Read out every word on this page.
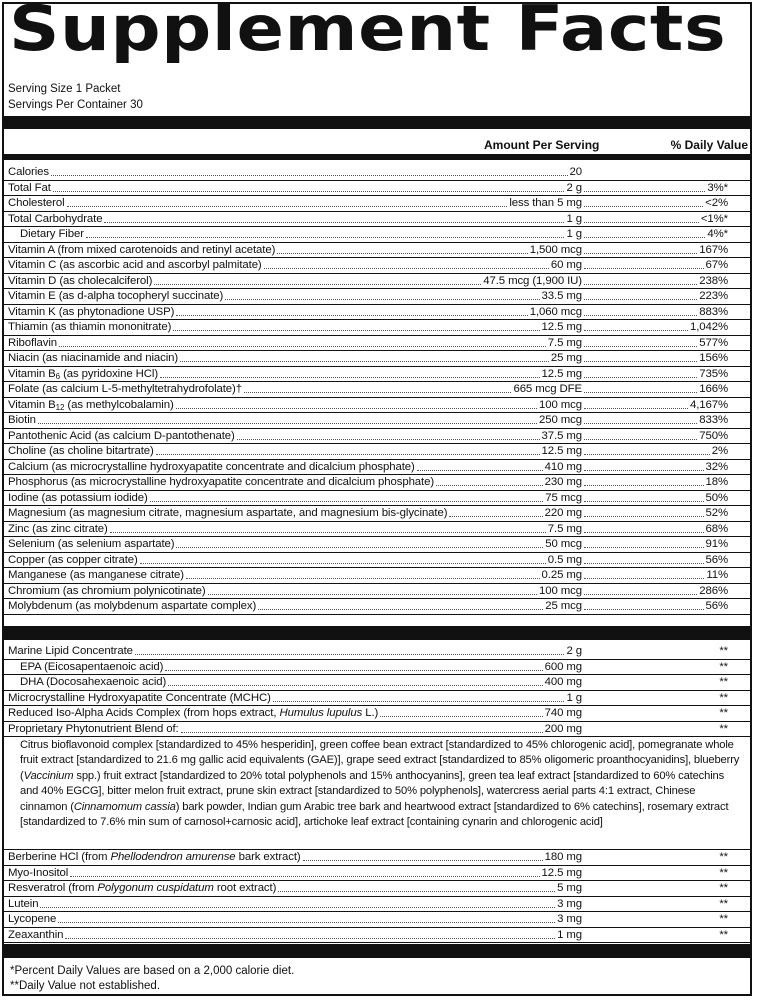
Supplement Facts
Serving Size 1 Packet
Servings Per Container 30
Amount Per Serving	% Daily Value
Calories	20
Total Fat	2 g	3%*
Cholesterol	less than 5 mg	<2%
Total Carbohydrate	1 g	<1%*
Dietary Fiber	1 g	4%*
Vitamin A (from mixed carotenoids and retinyl acetate)	1,500 mcg	167%
Vitamin C (as ascorbic acid and ascorbyl palmitate)	60 mg	67%
Vitamin D (as cholecalciferol)	47.5 mcg (1,900 IU)	238%
Vitamin E (as d-alpha tocopheryl succinate)	33.5 mg	223%
Vitamin K (as phytonadione USP)	1,060 mcg	883%
Thiamin (as thiamin mononitrate)	12.5 mg	1,042%
Riboflavin	7.5 mg	577%
Niacin (as niacinamide and niacin)	25 mg	156%
Vitamin $B_6$ (as pyridoxine HCl)	12.5 mg	735%
Folate (as calcium L-5-methyltetrahydrofolate)†	665 mcg DFE	166%
Vitamin $B_{12}$ (as methylcobalamin)	100 mcg	4,167%
Biotin	250 mcg	833%
Pantothenic Acid (as calcium D-pantothenate)	37.5 mg	750%
Choline (as choline bitartrate)	12.5 mg	2%
Calcium (as microcrystalline hydroxyapatite concentrate and dicalcium phosphate)	410 mg	32%
Phosphorus (as microcrystalline hydroxyapatite concentrate and dicalcium phosphate)	230 mg	18%
Iodine (as potassium iodide)	75 mcg	50%
Magnesium (as magnesium citrate, magnesium aspartate, and magnesium bis-glycinate)	220 mg	52%
Zinc (as zinc citrate)	7.5 mg	68%
Selenium (as selenium aspartate)	50 mcg	91%
Copper (as copper citrate)	0.5 mg	56%
Manganese (as manganese citrate)	0.25 mg	11%
Chromium (as chromium polynicotinate)	100 mcg	286%
Molybdenum (as molybdenum aspartate complex)	25 mcg	56%
Marine Lipid Concentrate	2 g	**
EPA (Eicosapentaenoic acid)	600 mg	**
DHA (Docosahexaenoic acid)	400 mg	**
Microcrystalline Hydroxyapatite Concentrate (MCHC)	1 g	**
Reduced Iso-Alpha Acids Complex (from hops extract, Humulus lupulus L.)	740 mg	**
Proprietary Phytonutrient Blend of:	200 mg	**
Citrus bioflavonoid complex [standardized to 45% hesperidin], green coffee bean extract [standardized to 45% chlorogenic acid], pomegranate whole fruit extract [standardized to 21.6 mg gallic acid equivalents (GAE)], grape seed extract [standardized to 85% oligomeric proanthocyanidins], blueberry (Vaccinium spp.) fruit extract [standardized to 20% total polyphenols and 15% anthocyanins], green tea leaf extract [standardized to 60% catechins and 40% EGCG], bitter melon fruit extract, prune skin extract [standardized to 50% polyphenols], watercress aerial parts 4:1 extract, Chinese cinnamon (Cinnamomum cassia) bark powder, Indian gum Arabic tree bark and heartwood extract [standardized to 6% catechins], rosemary extract [standardized to 7.6% min sum of carnosol+carnosic acid], artichoke leaf extract [containing cynarin and chlorogenic acid]
Berberine HCl (from Phellodendron amurense bark extract)	180 mg	**
Myo-Inositol	12.5 mg	**
Resveratrol (from Polygonum cuspidatum root extract)	5 mg	**
Lutein	3 mg	**
Lycopene	3 mg	**
Zeaxanthin	1 mg	**
*Percent Daily Values are based on a 2,000 calorie diet.
**Daily Value not established.
